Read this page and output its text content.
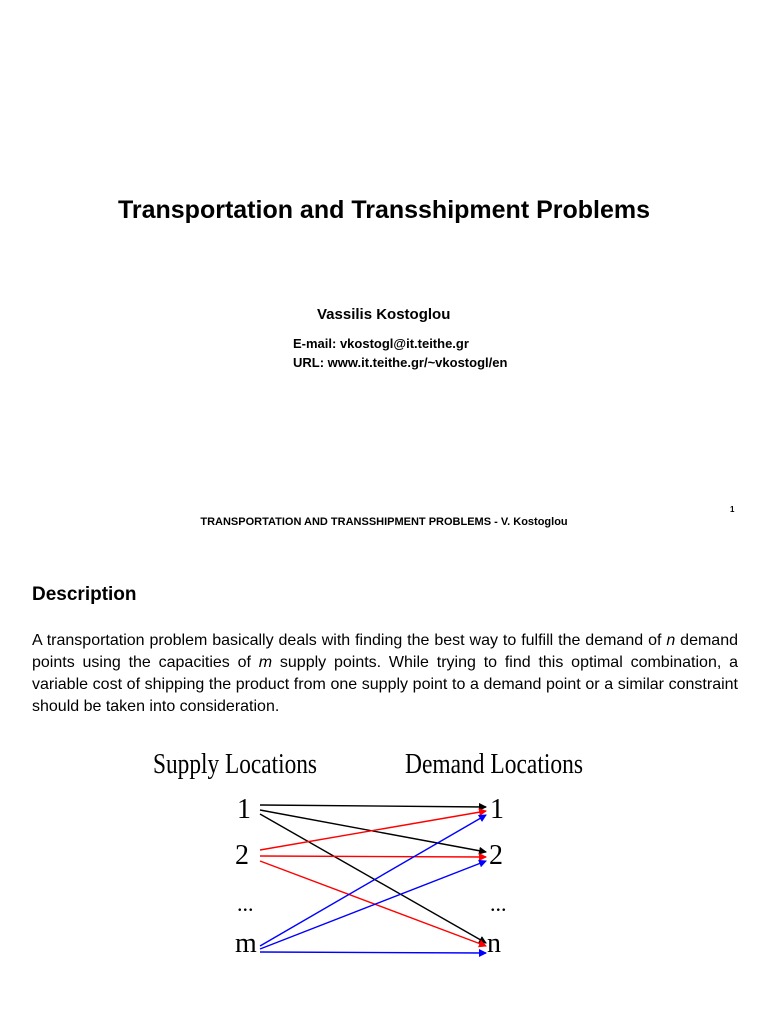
Transportation and Transshipment Problems
Vassilis Kostoglou
E-mail: vkostogl@it.teithe.gr
URL: www.it.teithe.gr/~vkostogl/en
1
TRANSPORTATION AND TRANSSHIPMENT PROBLEMS - V. Kostoglou
Description
A transportation problem basically deals with finding the best way to fulfill the demand of n demand points using the capacities of m supply points. While trying to find this optimal combination, a variable cost of shipping the product from one supply point to a demand point or a similar constraint should be taken into consideration.
Supply Locations	Demand Locations
1
2
...
m
1
2
...
n
